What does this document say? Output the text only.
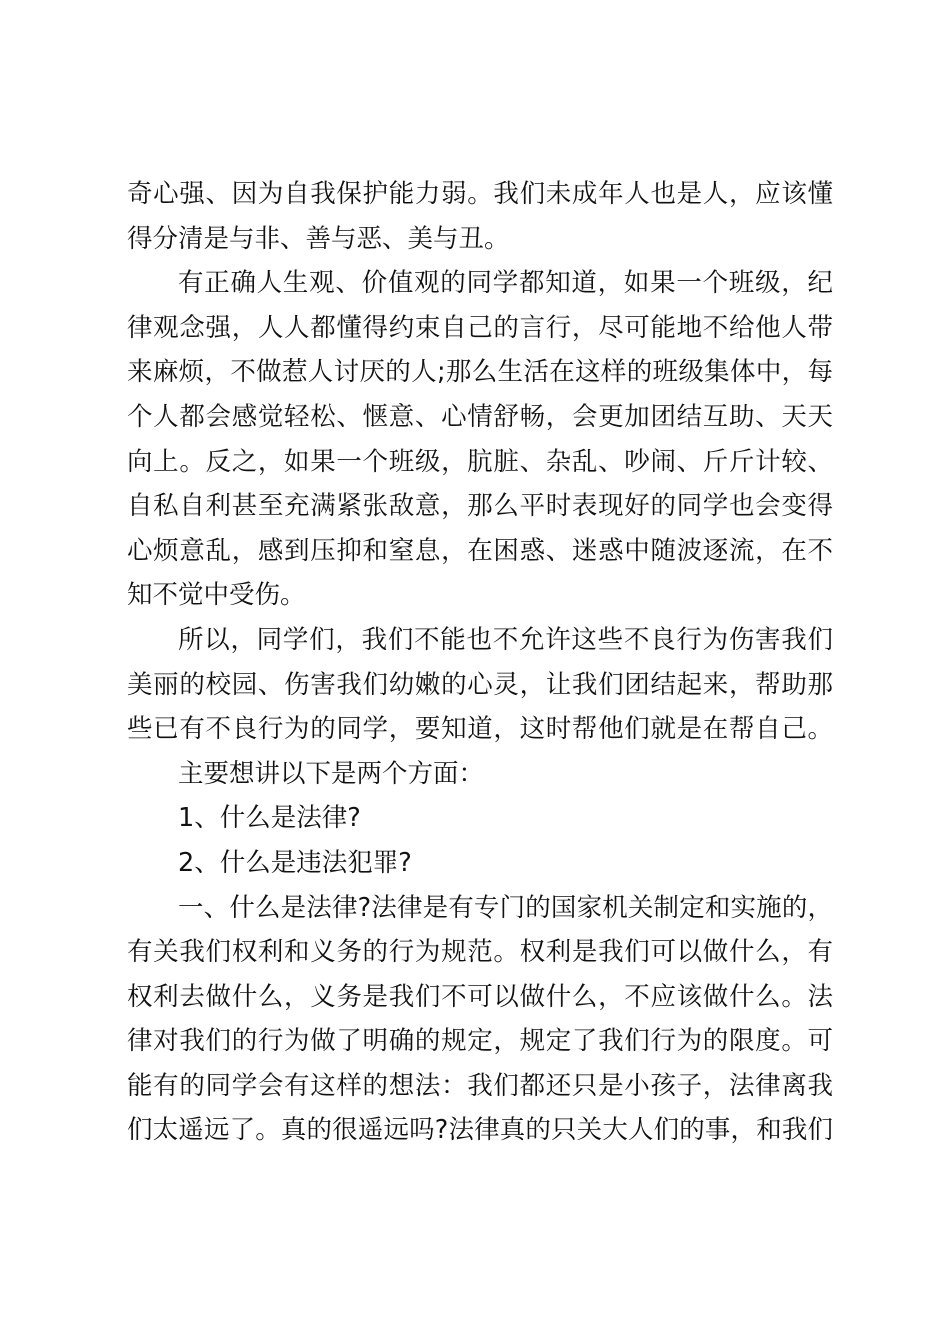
奇心强、因为自我保护能力弱。我们未成年人也是人，应该懂
得分清是与非、善与恶、美与丑。
有正确人生观、价值观的同学都知道，如果一个班级，纪
律观念强，人人都懂得约束自己的言行，尽可能地不给他人带
来麻烦，不做惹人讨厌的人;那么生活在这样的班级集体中，每
个人都会感觉轻松、惬意、心情舒畅，会更加团结互助、天天
向上。反之，如果一个班级，肮脏、杂乱、吵闹、斤斤计较、
自私自利甚至充满紧张敌意，那么平时表现好的同学也会变得
心烦意乱，感到压抑和窒息，在困惑、迷惑中随波逐流，在不
知不觉中受伤。
所以，同学们，我们不能也不允许这些不良行为伤害我们
美丽的校园、伤害我们幼嫩的心灵，让我们团结起来，帮助那
些已有不良行为的同学，要知道，这时帮他们就是在帮自己。
主要想讲以下是两个方面：
1、什么是法律?
2、什么是违法犯罪?
一、什么是法律?法律是有专门的国家机关制定和实施的，
有关我们权利和义务的行为规范。权利是我们可以做什么，有
权利去做什么，义务是我们不可以做什么，不应该做什么。法
律对我们的行为做了明确的规定，规定了我们行为的限度。可
能有的同学会有这样的想法：我们都还只是小孩子，法律离我
们太遥远了。真的很遥远吗?法律真的只关大人们的事，和我们
